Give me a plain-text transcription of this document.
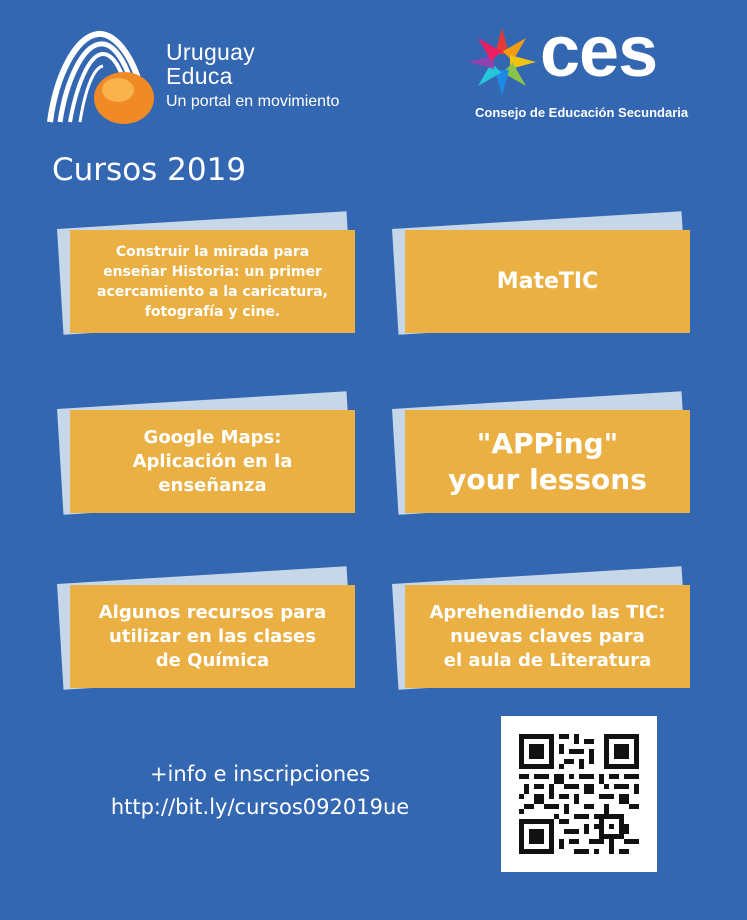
Uruguay
Educa
Un portal en movimiento
ces
Consejo de Educación Secundaria
Cursos 2019
Construir la mirada para
enseñar Historia: un primer
acercamiento a la caricatura,
fotografía y cine.
MateTIC
Google Maps:
Aplicación en la
enseñanza
"APPing"
your lessons
Algunos recursos para
utilizar en las clases
de Química
Aprehendiendo las TIC:
nuevas claves para
el aula de Literatura
+info e inscripciones
http://bit.ly/cursos092019ue
